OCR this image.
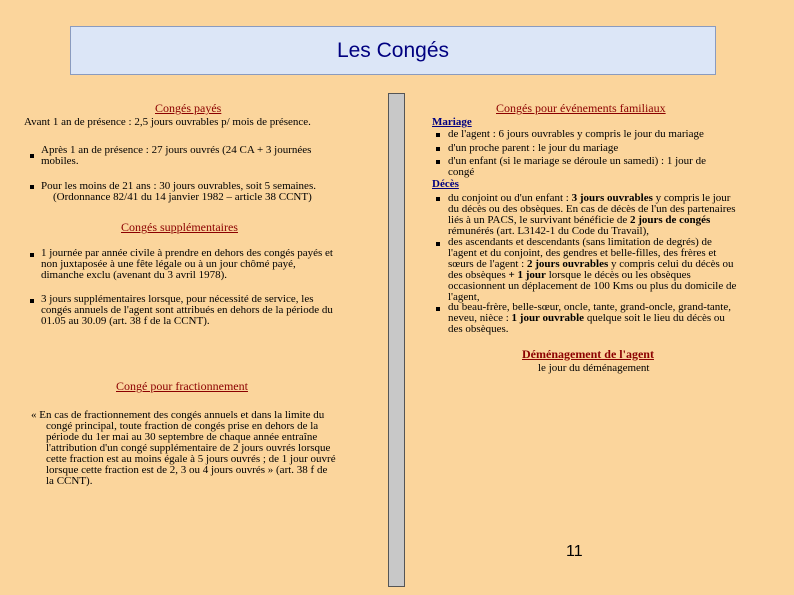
Les Congés
Congés payés
Avant 1 an de présence : 2,5 jours ouvrables p/ mois de présence.
Après 1 an de présence : 27 jours ouvrés (24 CA + 3 journées
mobiles.
Pour les moins de 21 ans : 30 jours ouvrables, soit 5 semaines.
(Ordonnance 82/41 du 14 janvier 1982 – article 38 CCNT)
Congés supplémentaires
1 journée par année civile à prendre en dehors des congés payés et
non juxtaposée à une fête légale ou à un jour chômé payé,
dimanche exclu (avenant du 3 avril 1978).
3 jours supplémentaires lorsque, pour nécessité de service, les
congés annuels de l'agent sont attribués en dehors de la période du
01.05 au 30.09 (art. 38 f de la CCNT).
Congé pour fractionnement
« En cas de fractionnement des congés annuels et dans la limite du
congé principal, toute fraction de congés prise en dehors de la
période du 1er mai au 30 septembre de chaque année entraîne
l'attribution d'un congé supplémentaire de 2 jours ouvrés lorsque
cette fraction est au moins égale à 5 jours ouvrés ; de 1 jour ouvré
lorsque cette fraction est de 2, 3 ou 4 jours ouvrés » (art. 38 f de
la CCNT).
Congés pour événements familiaux
Mariage
de l'agent : 6 jours ouvrables y compris le jour du mariage
d'un proche parent : le jour du mariage
d'un enfant (si le mariage se déroule un samedi) : 1 jour de
congé
Décès
du conjoint ou d'un enfant : 3 jours ouvrables y compris le jour
du décès ou des obsèques. En cas de décès de l'un des partenaires
liés à un PACS, le survivant bénéficie de 2 jours de congés
rémunérés (art. L3142-1 du Code du Travail),
des ascendants et descendants (sans limitation de degrés) de
l'agent et du conjoint, des gendres et belle-filles, des frères et
sœurs de l'agent : 2 jours ouvrables y compris celui du décès ou
des obsèques + 1 jour lorsque le décès ou les obsèques
occasionnent un déplacement de 100 Kms ou plus du domicile de
l'agent,
du beau-frère, belle-sœur, oncle, tante, grand-oncle, grand-tante,
neveu, nièce : 1 jour ouvrable quelque soit le lieu du décès ou
des obsèques.
Déménagement de l'agent
le jour du déménagement
11
